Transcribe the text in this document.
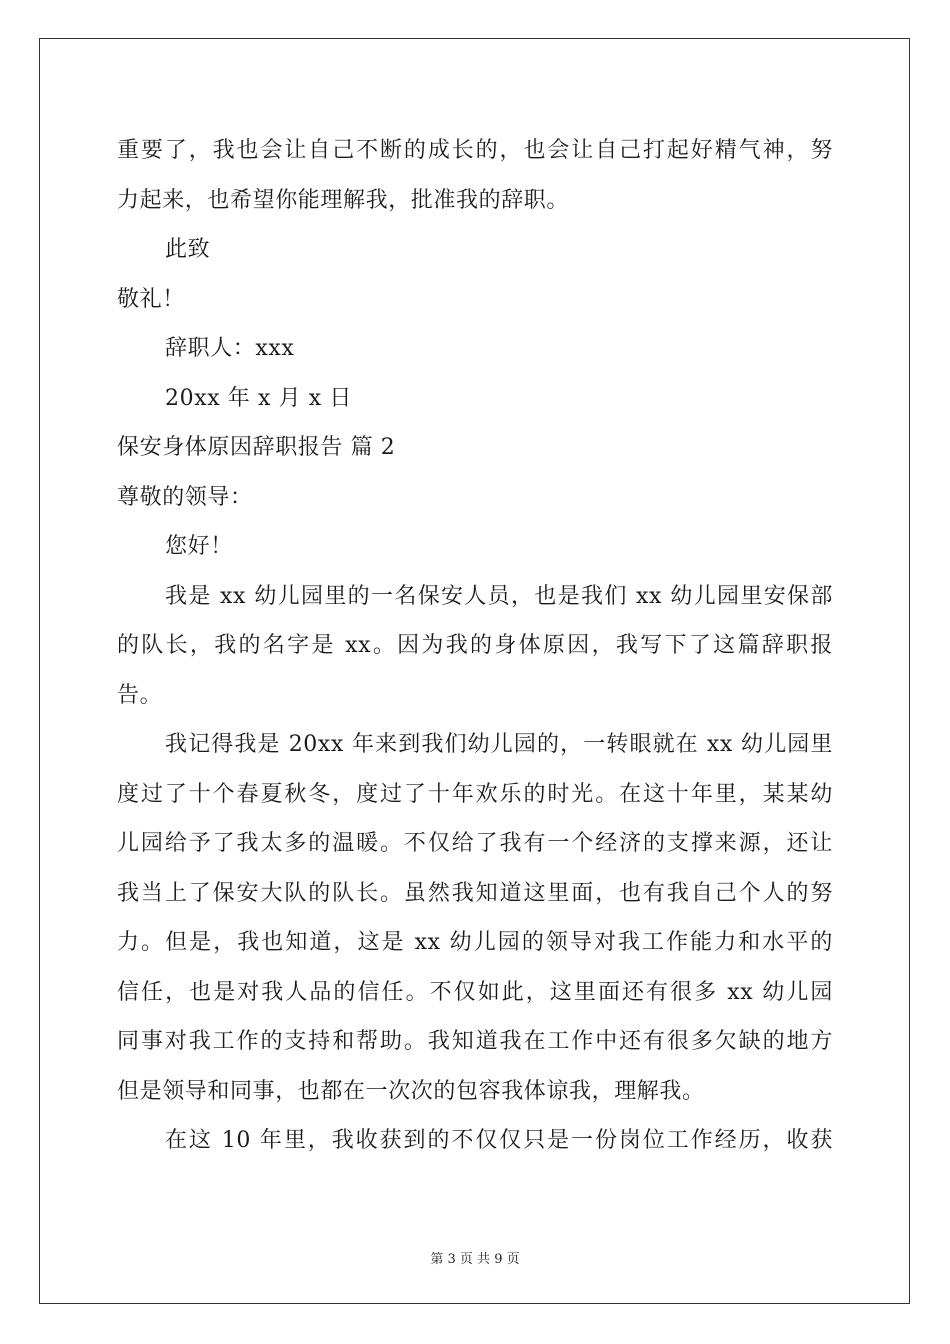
重要了，我也会让自己不断的成长的，也会让自己打起好精气神，努
力起来，也希望你能理解我，批准我的辞职。
此致
敬礼！
辞职人：xxx
20xx 年 x 月 x 日
保安身体原因辞职报告 篇 2
尊敬的领导：
您好！
我是 xx 幼儿园里的一名保安人员，也是我们 xx 幼儿园里安保部
的队长，我的名字是 xx。因为我的身体原因，我写下了这篇辞职报
告。
我记得我是 20xx 年来到我们幼儿园的，一转眼就在 xx 幼儿园里
度过了十个春夏秋冬，度过了十年欢乐的时光。在这十年里，某某幼
儿园给予了我太多的温暖。不仅给了我有一个经济的支撑来源，还让
我当上了保安大队的队长。虽然我知道这里面，也有我自己个人的努
力。但是，我也知道，这是 xx 幼儿园的领导对我工作能力和水平的
信任，也是对我人品的信任。不仅如此，这里面还有很多 xx 幼儿园
同事对我工作的支持和帮助。我知道我在工作中还有很多欠缺的地方
但是领导和同事，也都在一次次的包容我体谅我，理解我。
在这 10 年里，我收获到的不仅仅只是一份岗位工作经历，收获
第 3 页 共 9 页
